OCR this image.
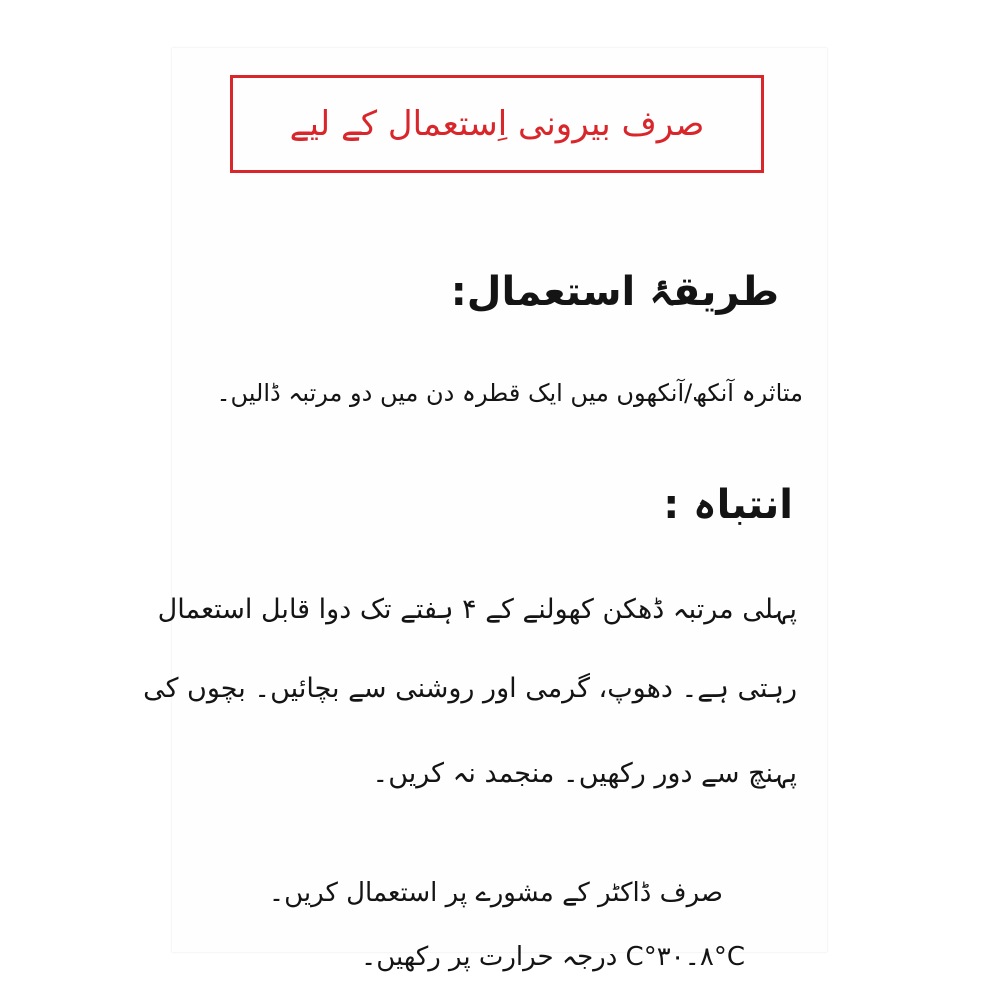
صرف بیرونی اِستعمال کے لیے
طریقۂ استعمال:
متاثرہ آنکھ/آنکھوں میں ایک قطرہ دن میں دو مرتبہ ڈالیں۔
انتباہ :
پہلی مرتبہ ڈھکن کھولنے کے ۴ ہفتے تک دوا قابل استعمال
رہتی ہے۔ دھوپ، گرمی اور روشنی سے بچائیں۔ بچوں کی
پہنچ سے دور رکھیں۔ منجمد نہ کریں۔
صرف ڈاکٹر کے مشورے پر استعمال کریں۔
۸°C۔۳۰°C درجہ حرارت پر رکھیں۔
